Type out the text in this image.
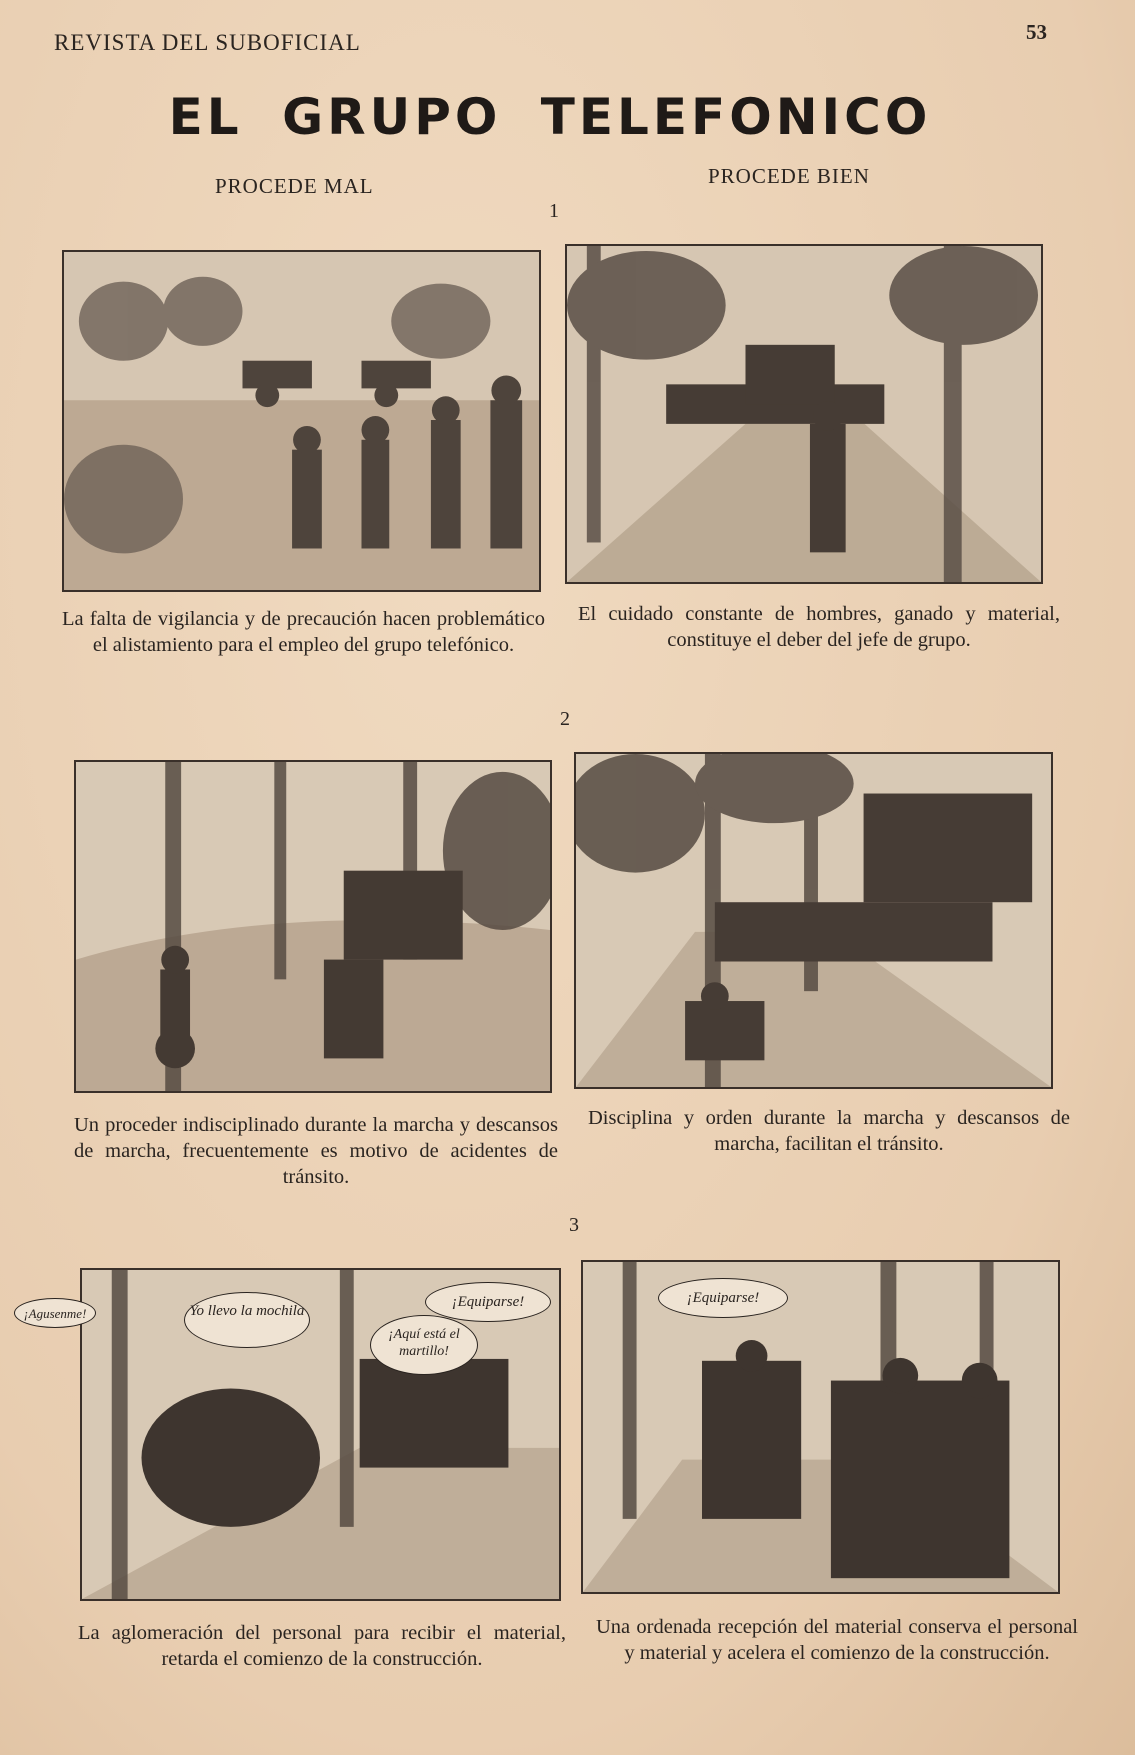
REVISTA DEL SUBOFICIAL	53
EL GRUPO TELEFONICO
PROCEDE MAL	PROCEDE BIEN
1
La falta de vigilancia y de precaución hacen problemático el alistamiento para el empleo del grupo telefónico.
El cuidado constante de hombres, ganado y material, constituye el deber del jefe de grupo.
2
Un proceder indisciplinado durante la marcha y descansos de marcha, frecuentemente es motivo de acidentes de tránsito.
Disciplina y orden durante la marcha y descansos de marcha, facilitan el tránsito.
3
¡Agusenme!	Yo llevo la mochila
¡Equiparse!
¡Aquí está el martillo!
¡Equiparse!
La aglomeración del personal para recibir el material, retarda el comienzo de la construcción.
Una ordenada recepción del material conserva el personal y material y acelera el comienzo de la construcción.
